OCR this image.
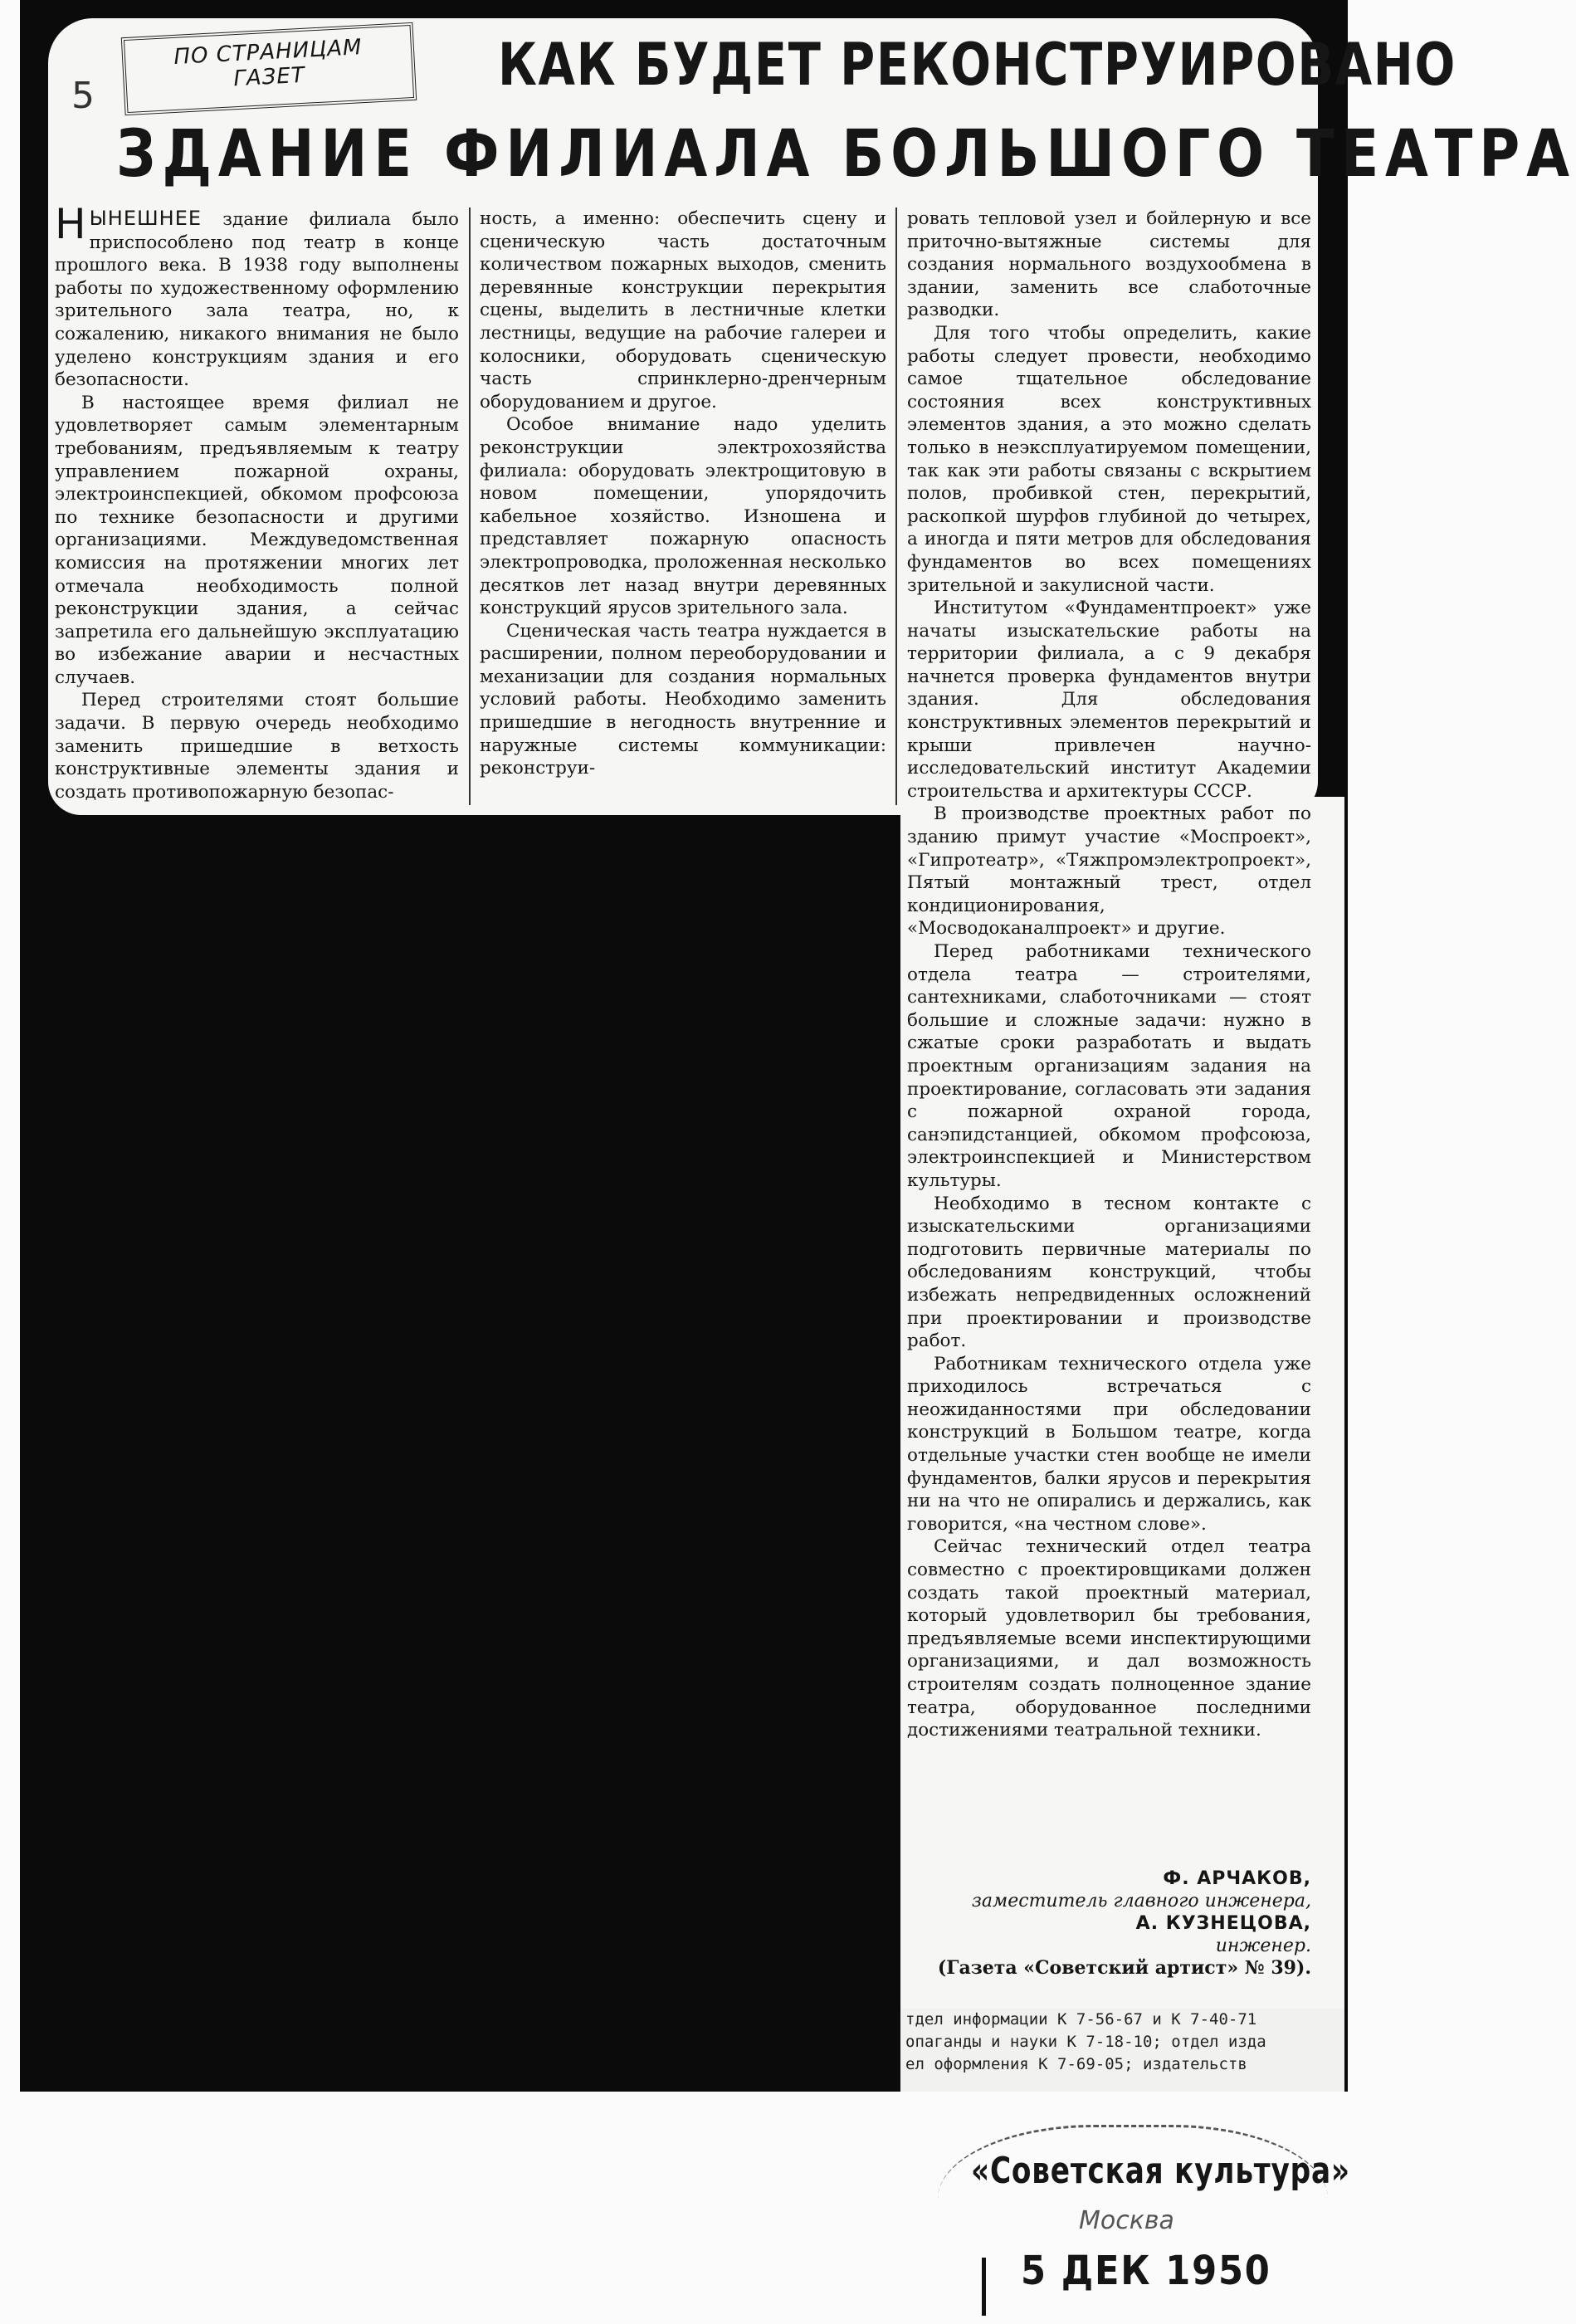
ПО СТРАНИЦАМ
ГАЗЕТ
5	КАК БУДЕТ РЕКОНСТРУИРОВАНО
ЗДАНИЕ ФИЛИАЛА БОЛЬШОГО ТЕАТРА

НЫНЕШНЕЕ здание филиала было приспособлено под театр в конце прошлого века. В 1938 году выполнены работы по художественному оформлению зрительного зала театра, но, к сожалению, никакого внимания не было уделено конструкциям здания и его безопасности.

В настоящее время филиал не удовлетворяет самым элементарным требованиям, предъявляемым к театру управлением пожарной охраны, электроинспекцией, обкомом профсоюза по технике безопасности и другими организациями. Междуведомственная комиссия на протяжении многих лет отмечала необходимость полной реконструкции здания, а сейчас запретила его дальнейшую эксплуатацию во избежание аварии и несчастных случаев.

Перед строителями стоят большие задачи. В первую очередь необходимо заменить пришедшие в ветхость конструктивные элементы здания и создать противопожарную безопас-

ность, а именно: обеспечить сцену и сценическую часть достаточным количеством пожарных выходов, сменить деревянные конструкции перекрытия сцены, выделить в лестничные клетки лестницы, ведущие на рабочие галереи и колосники, оборудовать сценическую часть спринклерно-дренчерным оборудованием и другое.

Особое внимание надо уделить реконструкции электрохозяйства филиала: оборудовать электрощитовую в новом помещении, упорядочить кабельное хозяйство. Изношена и представляет пожарную опасность электропроводка, проложенная несколько десятков лет назад внутри деревянных конструкций ярусов зрительного зала.

Сценическая часть театра нуждается в расширении, полном переоборудовании и механизации для создания нормальных условий работы. Необходимо заменить пришедшие в негодность внутренние и наружные системы коммуникации: реконструи-

ровать тепловой узел и бойлерную и все приточно-вытяжные системы для создания нормального воздухообмена в здании, заменить все слаботочные разводки.

Для того чтобы определить, какие работы следует провести, необходимо самое тщательное обследование состояния всех конструктивных элементов здания, а это можно сделать только в неэксплуатируемом помещении, так как эти работы связаны с вскрытием полов, пробивкой стен, перекрытий, раскопкой шурфов глубиной до четырех, а иногда и пяти метров для обследования фундаментов во всех помещениях зрительной и закулисной части.

Институтом «Фундаментпроект» уже начаты изыскательские работы на территории филиала, а с 9 декабря начнется проверка фундаментов внутри здания. Для обследования конструктивных элементов перекрытий и крыши привлечен научно-исследовательский институт Академии строительства и архитектуры СССР.

В производстве проектных работ по зданию примут участие «Моспроект», «Гипротеатр», «Тяжпромэлектропроект», Пятый монтажный трест, отдел кондиционирования, «Мосводоканалпроект» и другие.

Перед работниками технического отдела театра — строителями, сантехниками, слаботочниками — стоят большие и сложные задачи: нужно в сжатые сроки разработать и выдать проектным организациям задания на проектирование, согласовать эти задания с пожарной охраной города, санэпидстанцией, обкомом профсоюза, электроинспекцией и Министерством культуры.

Необходимо в тесном контакте с изыскательскими организациями подготовить первичные материалы по обследованиям конструкций, чтобы избежать непредвиденных осложнений при проектировании и производстве работ.

Работникам технического отдела уже приходилось встречаться с неожиданностями при обследовании конструкций в Большом театре, когда отдельные участки стен вообще не имели фундаментов, балки ярусов и перекрытия ни на что не опирались и держались, как говорится, «на честном слове».

Сейчас технический отдел театра совместно с проектировщиками должен создать такой проектный материал, который удовлетворил бы требования, предъявляемые всеми инспектирующими организациями, и дал возможность строителям создать полноценное здание театра, оборудованное последними достижениями театральной техники.

Ф. АРЧАКОВ,
заместитель главного инженера,
А. КУЗНЕЦОВА,
инженер.
(Газета «Советский артист» № 39).
тдел информации К 7-56-67 и К 7-40-71
опаганды и науки К 7-18-10; отдел изда
ел оформления К 7-69-05; издательств
«Советская культура»
Москва
5 ДЕК 1950
